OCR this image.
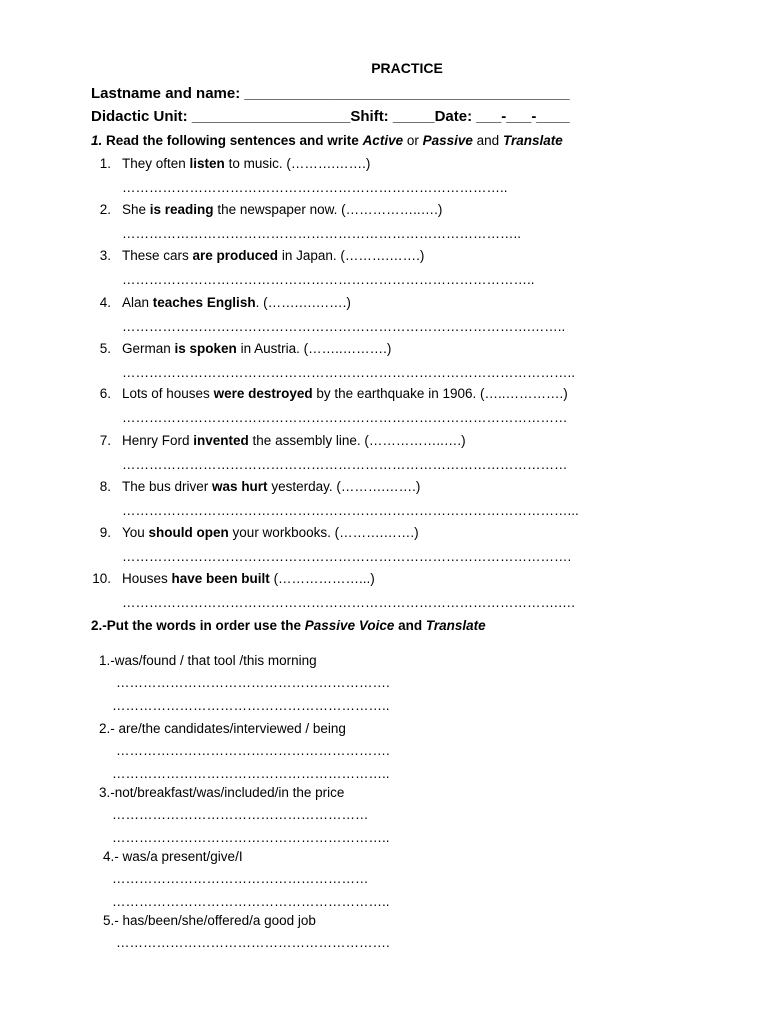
PRACTICE
Lastname and name: _______________________________________
Didactic Unit: ___________________Shift: _____Date: ___-___-____
1. Read the following sentences and write Active or Passive and Translate
1. They often listen to music. (……….…….)
…………………………………………………………………………..
2. She is reading the newspaper now. (……………..….)
……………………………………………………………………………..
3. These cars are produced in Japan. (……….…….)
………………………………………………………………………………..
4. Alan teaches English. (…….….…….)
……………………………………………………………………………….……..
5. German is spoken in Austria. (……..……….)
………………………………………………………………………………………..
6. Lots of houses were destroyed by the earthquake in 1906. (…..………….)
………………………………………………………………………………………
7. Henry Ford invented the assembly line. (……………..….)
………………………………………………………………………………………
8. The bus driver was hurt yesterday. (……….…….)
………………………………………………………………………………………...
9. You should open your workbooks. (……….…….)
……………………………………………………………………………………….
10. Houses have been built (………………...)
…………………………………………………………………………………….….
2.-Put the words in order use the Passive Voice and Translate
1.-was/found / that tool /this morning
…………………………………………………….
……………………………………………………..
2.- are/the candidates/interviewed / being
…………………………………………………….
……………………………………………………..
3.-not/breakfast/was/included/in the price
…………………………………………………
……………………………………………………..
4.- was/a present/give/I
…………………………………………………
……………………………………………………..
5.- has/been/she/offered/a good job
…………………………………………………….
